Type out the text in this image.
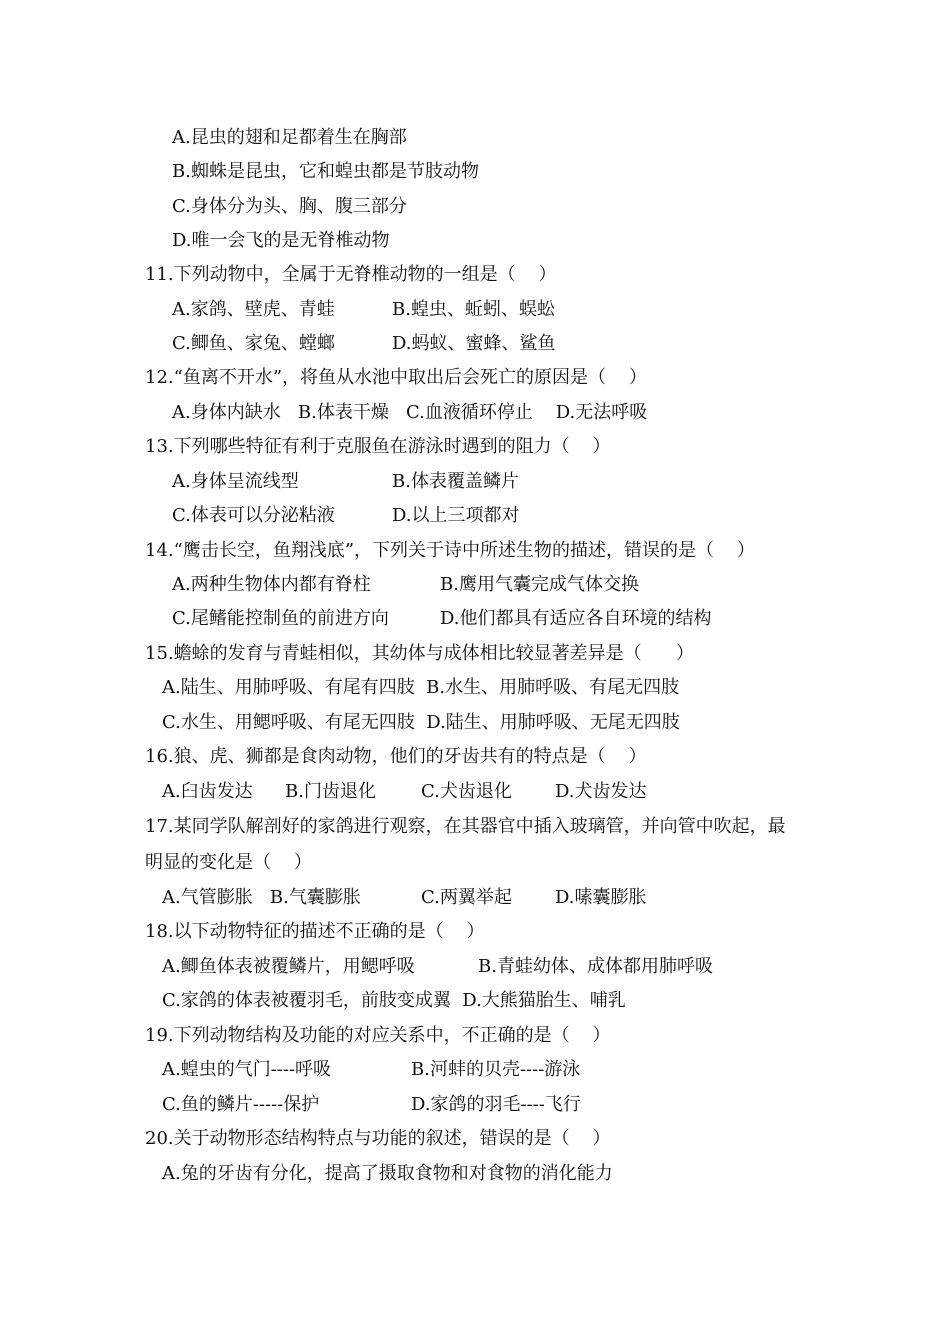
A.昆虫的翅和足都着生在胸部
B.蜘蛛是昆虫，它和蝗虫都是节肢动物
C.身体分为头、胸、腹三部分
D.唯一会飞的是无脊椎动物
11.下列动物中，全属于无脊椎动物的一组是（    ）
A.家鸽、壁虎、青蛙	B.蝗虫、蚯蚓、蜈蚣
C.鲫鱼、家兔、螳螂	D.蚂蚁、蜜蜂、鲨鱼
12.“鱼离不开水”，将鱼从水池中取出后会死亡的原因是（    ）
A.身体内缺水   B.体表干燥   C.血液循环停止    D.无法呼吸
13.下列哪些特征有利于克服鱼在游泳时遇到的阻力（    ）
A.身体呈流线型	B.体表覆盖鳞片
C.体表可以分泌粘液	D.以上三项都对
14.“鹰击长空，鱼翔浅底”，下列关于诗中所述生物的描述，错误的是（    ）
A.两种生物体内都有脊柱	B.鹰用气囊完成气体交换
C.尾鳍能控制鱼的前进方向	D.他们都具有适应各自环境的结构
15.蟾蜍的发育与青蛙相似，其幼体与成体相比较显著差异是（      ）
A.陆生、用肺呼吸、有尾有四肢  B.水生、用肺呼吸、有尾无四肢
C.水生、用鳃呼吸、有尾无四肢  D.陆生、用肺呼吸、无尾无四肢
16.狼、虎、狮都是食肉动物，他们的牙齿共有的特点是（    ）
A.臼齿发达 B.门齿退化	C.犬齿退化 D.犬齿发达
17.某同学队解剖好的家鸽进行观察，在其器官中插入玻璃管，并向管中吹起，最
明显的变化是（    ）
A.气管膨胀   B.气囊膨胀	C.两翼举起 D.嗉囊膨胀
18.以下动物特征的描述不正确的是（    ）
A.鲫鱼体表被覆鳞片，用鳃呼吸	B.青蛙幼体、成体都用肺呼吸
C.家鸽的体表被覆羽毛，前肢变成翼  D.大熊猫胎生、哺乳
19.下列动物结构及功能的对应关系中，不正确的是（    ）
A.蝗虫的气门----呼吸	B.河蚌的贝壳----游泳
C.鱼的鳞片-----保护	D.家鸽的羽毛----飞行
20.关于动物形态结构特点与功能的叙述，错误的是（    ）
A.兔的牙齿有分化，提高了摄取食物和对食物的消化能力
